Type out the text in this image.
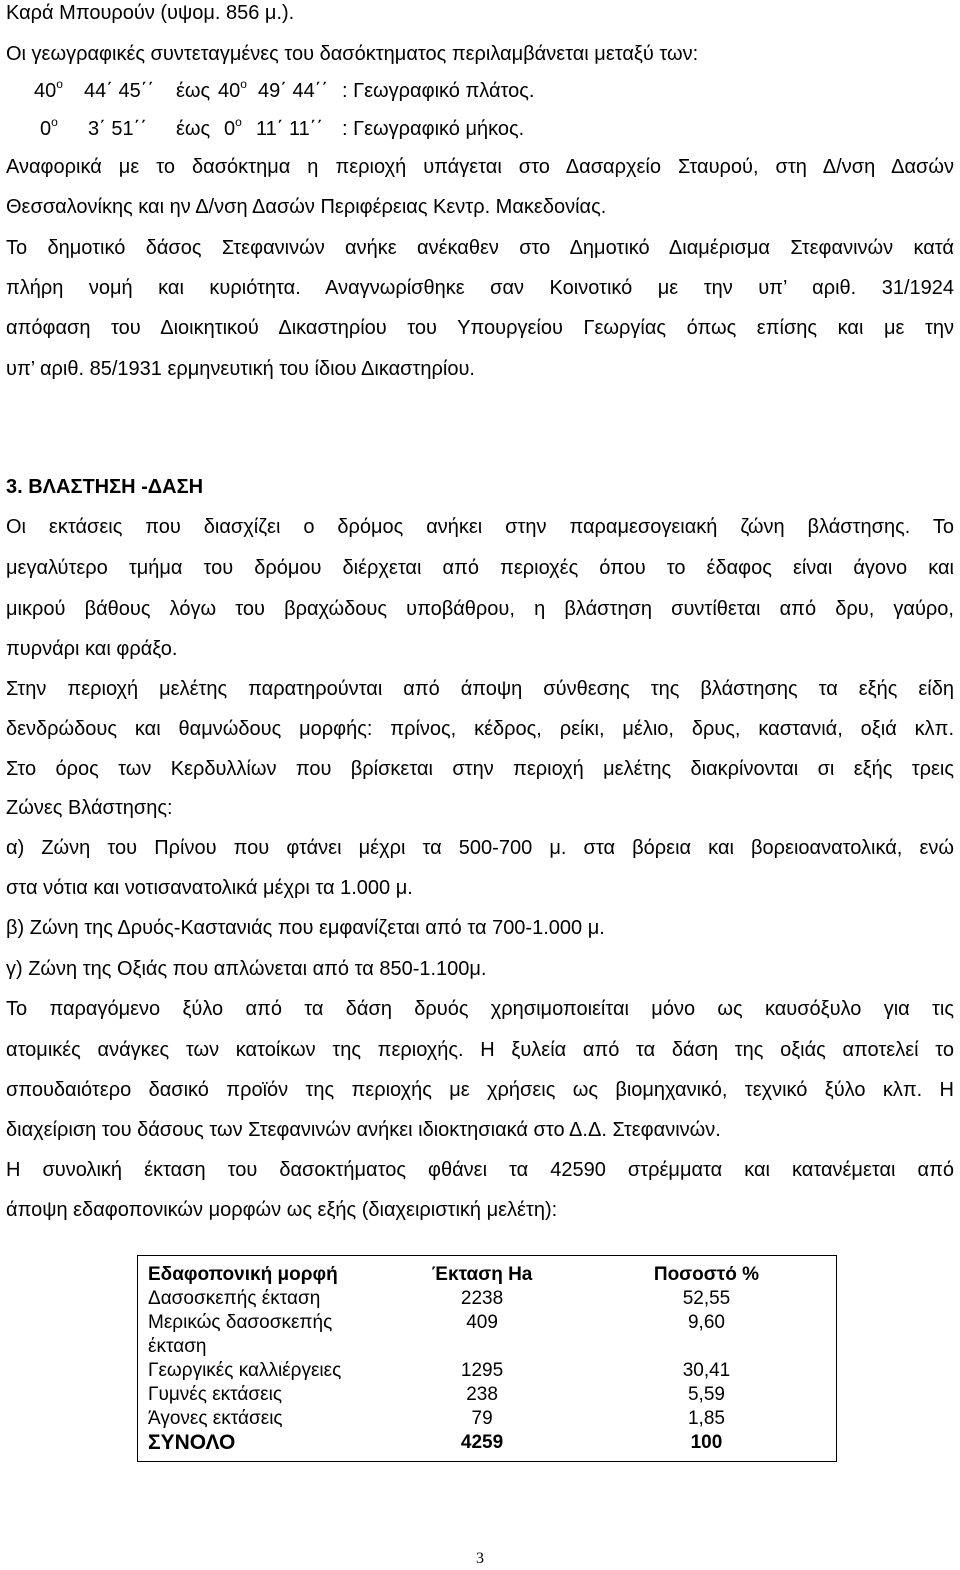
Καρά Μπουρούν (υψομ. 856 μ.).
Οι γεωγραφικές συντεταγμένες του δασόκτηματος περιλαμβάνεται μεταξύ των:
$40^o$ 44΄ 45΄΄ έως $40^o$ 49΄ 44΄΄ : Γεωγραφικό πλάτος.
$0^o$ 3΄ 51΄΄ έως $0^o$ 11΄ 11΄΄ : Γεωγραφικό μήκος.
Αναφορικά με το δασόκτημα η περιοχή υπάγεται στο Δασαρχείο Σταυρού, στη Δ/νση Δασών
Θεσσαλονίκης και ην Δ/νση Δασών Περιφέρειας Κεντρ. Μακεδονίας.
Το δημοτικό δάσος Στεφανινών ανήκε ανέκαθεν στο Δημοτικό Διαμέρισμα Στεφανινών κατά
πλήρη νομή και κυριότητα. Αναγνωρίσθηκε σαν Κοινοτικό με την υπ’ αριθ. 31/1924
απόφαση του Διοικητικού Δικαστηρίου του Υπουργείου Γεωργίας όπως επίσης και με την
υπ’ αριθ. 85/1931 ερμηνευτική του ίδιου Δικαστηρίου.
3. ΒΛΑΣΤΗΣΗ -ΔΑΣΗ
Οι εκτάσεις που διασχίζει ο δρόμος ανήκει στην παραμεσογειακή ζώνη βλάστησης. Το
μεγαλύτερο τμήμα του δρόμου διέρχεται από περιοχές όπου το έδαφος είναι άγονο και
μικρού βάθους λόγω του βραχώδους υποβάθρου, η βλάστηση συντίθεται από δρυ, γαύρο,
πυρνάρι και φράξο.
Στην περιοχή μελέτης παρατηρούνται από άποψη σύνθεσης της βλάστησης τα εξής είδη
δενδρώδους και θαμνώδους μορφής: πρίνος, κέδρος, ρείκι, μέλιο, δρυς, καστανιά, οξιά κλπ.
Στο όρος των Κερδυλλίων που βρίσκεται στην περιοχή μελέτης διακρίνονται σι εξής τρεις
Ζώνες Βλάστησης:
α) Ζώνη του Πρίνου που φτάνει μέχρι τα 500-700 μ. στα βόρεια και βορειοανατολικά, ενώ
στα νότια και νοτισανατολικά μέχρι τα 1.000 μ.
β) Ζώνη της Δρυός-Καστανιάς που εμφανίζεται από τα 700-1.000 μ.
γ) Ζώνη της Οξιάς που απλώνεται από τα 850-1.100μ.
Το παραγόμενο ξύλο από τα δάση δρυός χρησιμοποιείται μόνο ως καυσόξυλο για τις
ατομικές ανάγκες των κατοίκων της περιοχής. Η ξυλεία από τα δάση της οξιάς αποτελεί το
σπουδαιότερο δασικό προϊόν της περιοχής με χρήσεις ως βιομηχανικό, τεχνικό ξύλο κλπ. Η
διαχείριση του δάσους των Στεφανινών ανήκει ιδιοκτησιακά στο Δ.Δ. Στεφανινών.
Η συνολική έκταση του δασοκτήματος φθάνει τα 42590 στρέμματα και κατανέμεται από
άποψη εδαφοπονικών μορφών ως εξής (διαχειριστική μελέτη):
Εδαφοπονική μορφή	Έκταση Ha	Ποσοστό %
Δασοσκεπής έκταση	2238	52,55
Μερικώς δασοσκεπής
έκταση	409	9,60
Γεωργικές καλλιέργειες	1295	30,41
Γυμνές εκτάσεις	238	5,59
Άγονες εκτάσεις	79	1,85
ΣΥΝΟΛΟ	4259	100
3
